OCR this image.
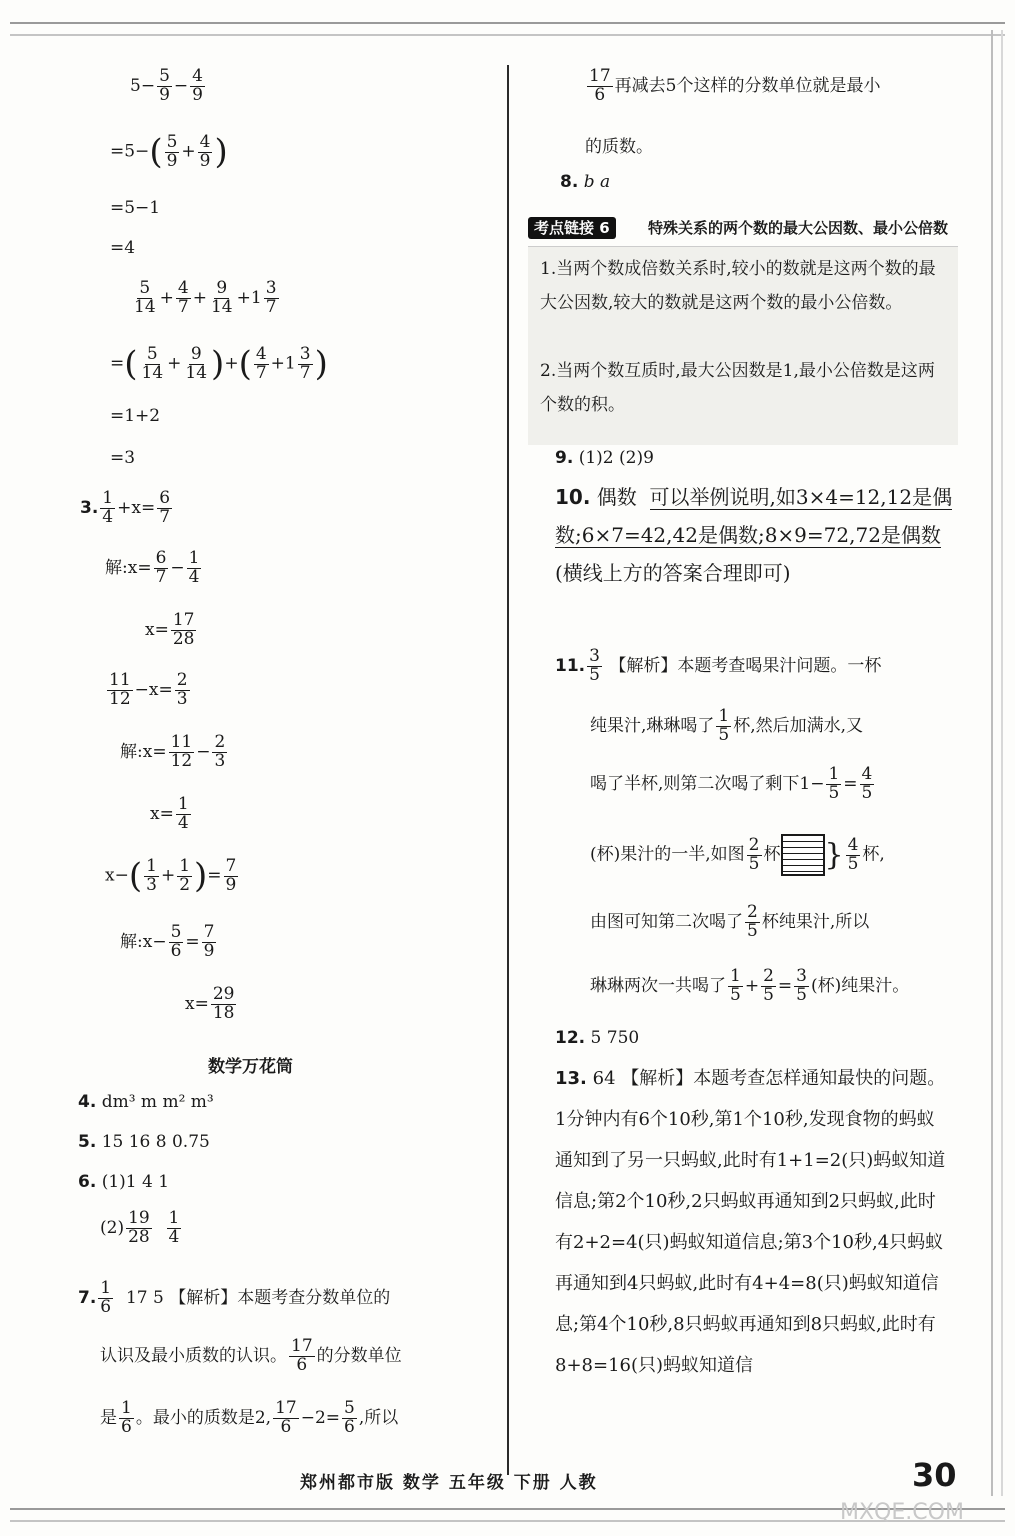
$5- \frac{5}{9} - \frac{4}{9}$
$=5-( \frac{5}{9} + \frac{4}{9}$ )
=5−1
=4
$\frac{5}{14} + \frac{4}{7} + \frac{9}{14} +1 \frac{3}{7}$
=( $\frac{5}{14} + \frac{9}{14}$ )+( $\frac{4}{7} +1 \frac{3}{7}$ )
=1+2
=3
3. $\frac{1}{4} +x= \frac{6}{7}$
解:x= $\frac{6}{7} - \frac{1}{4}$
$x= \frac{17}{28}$
$\frac{11}{12} -x= \frac{2}{3}$
解:x= $\frac{11}{12} - \frac{2}{3}$
$x= \frac{1}{4}$
$x-( \frac{1}{3} + \frac{1}{2}$ )= $\frac{7}{9}$
解:x− $\frac{5}{6} = \frac{7}{9}$
$x= \frac{29}{18}$
数学万花筒
4. dm³ m m² m³
5. 15 16 8 0.75
6. (1)1 4 1
$(2) \frac{19}{28}$
$\frac{1}{4}$
7. $\frac{1}{6} 17$ 5 【解析】本题考查分数单位的
认识及最小质数的认识。 $\frac{17}{6}$ 的分数单位
是 $\frac{1}{6}$ 。最小的质数是2, $\frac{17}{6} -2= \frac{5}{6}$ ,所以
$\frac{17}{6}$ 再减去5个这样的分数单位就是最小
的质数。
8. b a
考点链接 6	特殊关系的两个数的最大公因数、最小公倍数
1.当两个数成倍数关系时,较小的数就是这两个数的最大公因数,较大的数就是这两个数的最小公倍数。
2.当两个数互质时,最大公因数是1,最小公倍数是这两个数的积。
9. (1)2 (2)9
10. 偶数 可以举例说明,如3×4=12,12是偶数;6×7=42,42是偶数;8×9=72,72是偶数(横线上方的答案合理即可)
11. $\frac{3}{5}$ 【解析】本题考查喝果汁问题。一杯
纯果汁,琳琳喝了 $\frac{1}{5}$ 杯,然后加满水,又
喝了半杯,则第二次喝了剩下$1- \frac{1}{5} = \frac{4}{5}$
(杯)果汁的一半,如图 $\frac{2}{5}$ 杯 } $\frac{4}{5}$ 杯,
由图可知第二次喝了 $\frac{2}{5}$ 杯纯果汁,所以
琳琳两次一共喝了 $\frac{1}{5} + \frac{2}{5} = \frac{3}{5}$ (杯)纯果汁。
12. 5 750
13. 64 【解析】本题考查怎样通知最快的问题。1分钟内有6个10秒,第1个10秒,发现食物的蚂蚁通知到了另一只蚂蚁,此时有1+1=2(只)蚂蚁知道信息;第2个10秒,2只蚂蚁再通知到2只蚂蚁,此时有2+2=4(只)蚂蚁知道信息;第3个10秒,4只蚂蚁再通知到4只蚂蚁,此时有4+4=8(只)蚂蚁知道信息;第4个10秒,8只蚂蚁再通知到8只蚂蚁,此时有8+8=16(只)蚂蚁知道信
郑州都市版 数学 五年级 下册 人教	30
MXQE.COM
